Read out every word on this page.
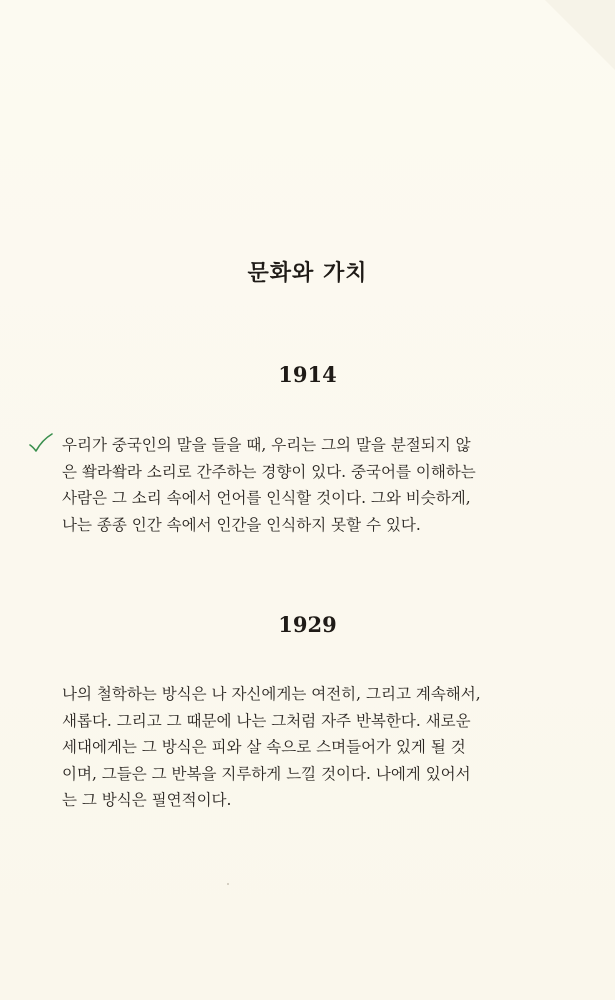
문화와 가치
1914
우리가 중국인의 말을 들을 때, 우리는 그의 말을 분절되지 않
은 쐌라쐌라 소리로 간주하는 경향이 있다. 중국어를 이해하는
사람은 그 소리 속에서 언어를 인식할 것이다. 그와 비슷하게,
나는 종종 인간 속에서 인간을 인식하지 못할 수 있다.
1929
나의 철학하는 방식은 나 자신에게는 여전히, 그리고 계속해서,
새롭다. 그리고 그 때문에 나는 그처럼 자주 반복한다. 새로운
세대에게는 그 방식은 피와 살 속으로 스며들어가 있게 될 것
이며, 그들은 그 반복을 지루하게 느낄 것이다. 나에게 있어서
는 그 방식은 필연적이다.
